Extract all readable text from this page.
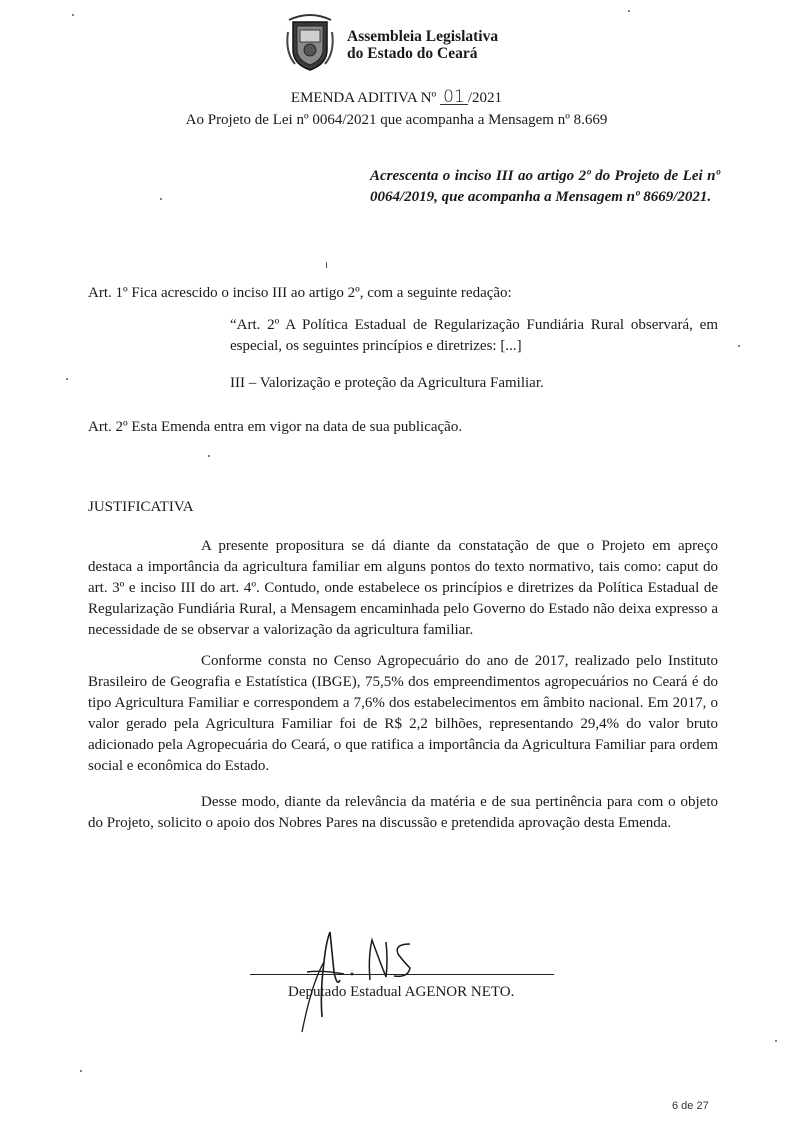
Assembleia Legislativa
do Estado do Ceará
EMENDA ADITIVA Nº 01 /2021
Ao Projeto de Lei nº 0064/2021 que acompanha a Mensagem nº 8.669
Acrescenta o inciso III ao artigo 2º do Projeto de Lei nº 0064/2019, que acompanha a Mensagem nº 8669/2021.
Art. 1º Fica acrescido o inciso III ao artigo 2º, com a seguinte redação:
“Art. 2º A Política Estadual de Regularização Fundiária Rural observará, em especial, os seguintes princípios e diretrizes: [...]
III – Valorização e proteção da Agricultura Familiar.
Art. 2º Esta Emenda entra em vigor na data de sua publicação.
JUSTIFICATIVA
A presente propositura se dá diante da constatação de que o Projeto em apreço destaca a importância da agricultura familiar em alguns pontos do texto normativo, tais como: caput do art. 3º e inciso III do art. 4º. Contudo, onde estabelece os princípios e diretrizes da Política Estadual de Regularização Fundiária Rural, a Mensagem encaminhada pelo Governo do Estado não deixa expresso a necessidade de se observar a valorização da agricultura familiar.
Conforme consta no Censo Agropecuário do ano de 2017, realizado pelo Instituto Brasileiro de Geografia e Estatística (IBGE), 75,5% dos empreendimentos agropecuários no Ceará é do tipo Agricultura Familiar e correspondem a 7,6% dos estabelecimentos em âmbito nacional. Em 2017, o valor gerado pela Agricultura Familiar foi de R$ 2,2 bilhões, representando 29,4% do valor bruto adicionado pela Agropecuária do Ceará, o que ratifica a importância da Agricultura Familiar para ordem social e econômica do Estado.
Desse modo, diante da relevância da matéria e de sua pertinência para com o objeto do Projeto, solicito o apoio dos Nobres Pares na discussão e pretendida aprovação desta Emenda.
Deputado Estadual AGENOR NETO.
6 de 27
